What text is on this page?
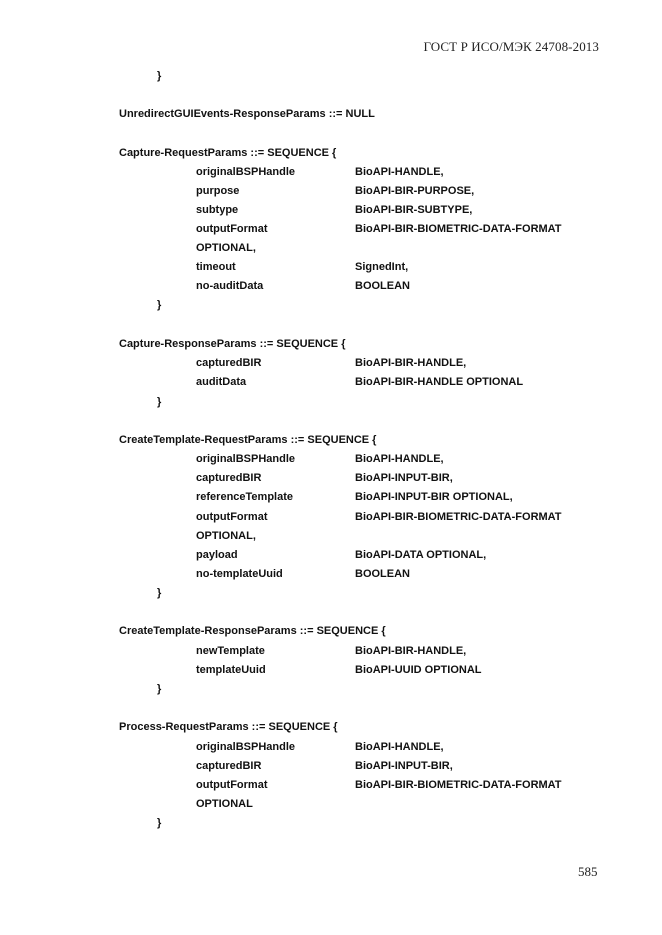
ГОСТ Р ИСО/МЭК 24708-2013
}
UnredirectGUIEvents-ResponseParams ::= NULL
Capture-RequestParams ::= SEQUENCE {
originalBSPHandle	BioAPI-HANDLE,
purpose	BioAPI-BIR-PURPOSE,
subtype	BioAPI-BIR-SUBTYPE,
outputFormat	BioAPI-BIR-BIOMETRIC-DATA-FORMAT
OPTIONAL,
timeout	SignedInt,
no-auditData	BOOLEAN
}
Capture-ResponseParams ::= SEQUENCE {
capturedBIR	BioAPI-BIR-HANDLE,
auditData	BioAPI-BIR-HANDLE OPTIONAL
}
CreateTemplate-RequestParams ::= SEQUENCE {
originalBSPHandle	BioAPI-HANDLE,
capturedBIR	BioAPI-INPUT-BIR,
referenceTemplate	BioAPI-INPUT-BIR OPTIONAL,
outputFormat	BioAPI-BIR-BIOMETRIC-DATA-FORMAT
OPTIONAL,
payload	BioAPI-DATA OPTIONAL,
no-templateUuid	BOOLEAN
}
CreateTemplate-ResponseParams ::= SEQUENCE {
newTemplate	BioAPI-BIR-HANDLE,
templateUuid	BioAPI-UUID OPTIONAL
}
Process-RequestParams ::= SEQUENCE {
originalBSPHandle	BioAPI-HANDLE,
capturedBIR	BioAPI-INPUT-BIR,
outputFormat	BioAPI-BIR-BIOMETRIC-DATA-FORMAT
OPTIONAL
}
585
